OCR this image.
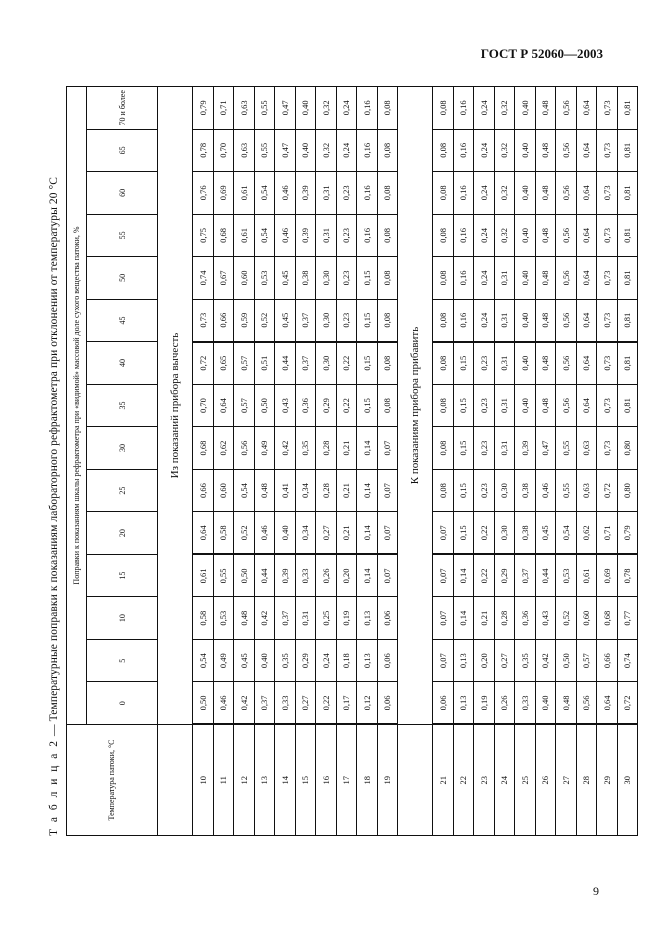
ГОСТ Р 52060—2003
Т а б л и ц а 2 — Температурные поправки к показаниям лабораторного рефрактометра при отклонении от температуры 20 °С
Температура патоки, °С	Поправки к показаниям шкалы рефрактометра при «видимой» массовой доле сухого вещества патоки, %														
	0	5	10	15	20	25	30	35	40	45	50	55	60	65	70 и более
	Из показаний прибора вычесть														
10	0,50	0,54	0,58	0,61	0,64	0,66	0,68	0,70	0,72	0,73	0,74	0,75	0,76	0,78	0,79
11	0,46	0,49	0,53	0,55	0,58	0,60	0,62	0,64	0,65	0,66	0,67	0,68	0,69	0,70	0,71
12	0,42	0,45	0,48	0,50	0,52	0,54	0,56	0,57	0,57	0,59	0,60	0,61	0,61	0,63	0,63
13	0,37	0,40	0,42	0,44	0,46	0,48	0,49	0,50	0,51	0,52	0,53	0,54	0,54	0,55	0,55
14	0,33	0,35	0,37	0,39	0,40	0,41	0,42	0,43	0,44	0,45	0,45	0,46	0,46	0,47	0,47
15	0,27	0,29	0,31	0,33	0,34	0,34	0,35	0,36	0,37	0,37	0,38	0,39	0,39	0,40	0,40
16	0,22	0,24	0,25	0,26	0,27	0,28	0,28	0,29	0,30	0,30	0,30	0,31	0,31	0,32	0,32
17	0,17	0,18	0,19	0,20	0,21	0,21	0,21	0,22	0,22	0,23	0,23	0,23	0,23	0,24	0,24
18	0,12	0,13	0,13	0,14	0,14	0,14	0,14	0,15	0,15	0,15	0,15	0,16	0,16	0,16	0,16
19	0,06	0,06	0,06	0,07	0,07	0,07	0,07	0,08	0,08	0,08	0,08	0,08	0,08	0,08	0,08
	К показаниям прибора прибавить														
21	0,06	0,07	0,07	0,07	0,07	0,08	0,08	0,08	0,08	0,08	0,08	0,08	0,08	0,08	0,08
22	0,13	0,13	0,14	0,14	0,15	0,15	0,15	0,15	0,15	0,16	0,16	0,16	0,16	0,16	0,16
23	0,19	0,20	0,21	0,22	0,22	0,23	0,23	0,23	0,23	0,24	0,24	0,24	0,24	0,24	0,24
24	0,26	0,27	0,28	0,29	0,30	0,30	0,31	0,31	0,31	0,31	0,31	0,32	0,32	0,32	0,32
25	0,33	0,35	0,36	0,37	0,38	0,38	0,39	0,40	0,40	0,40	0,40	0,40	0,40	0,40	0,40
26	0,40	0,42	0,43	0,44	0,45	0,46	0,47	0,48	0,48	0,48	0,48	0,48	0,48	0,48	0,48
27	0,48	0,50	0,52	0,53	0,54	0,55	0,55	0,56	0,56	0,56	0,56	0,56	0,56	0,56	0,56
28	0,56	0,57	0,60	0,61	0,62	0,63	0,63	0,64	0,64	0,64	0,64	0,64	0,64	0,64	0,64
29	0,64	0,66	0,68	0,69	0,71	0,72	0,73	0,73	0,73	0,73	0,73	0,73	0,73	0,73	0,73
30	0,72	0,74	0,77	0,78	0,79	0,80	0,80	0,81	0,81	0,81	0,81	0,81	0,81	0,81	0,81
9
